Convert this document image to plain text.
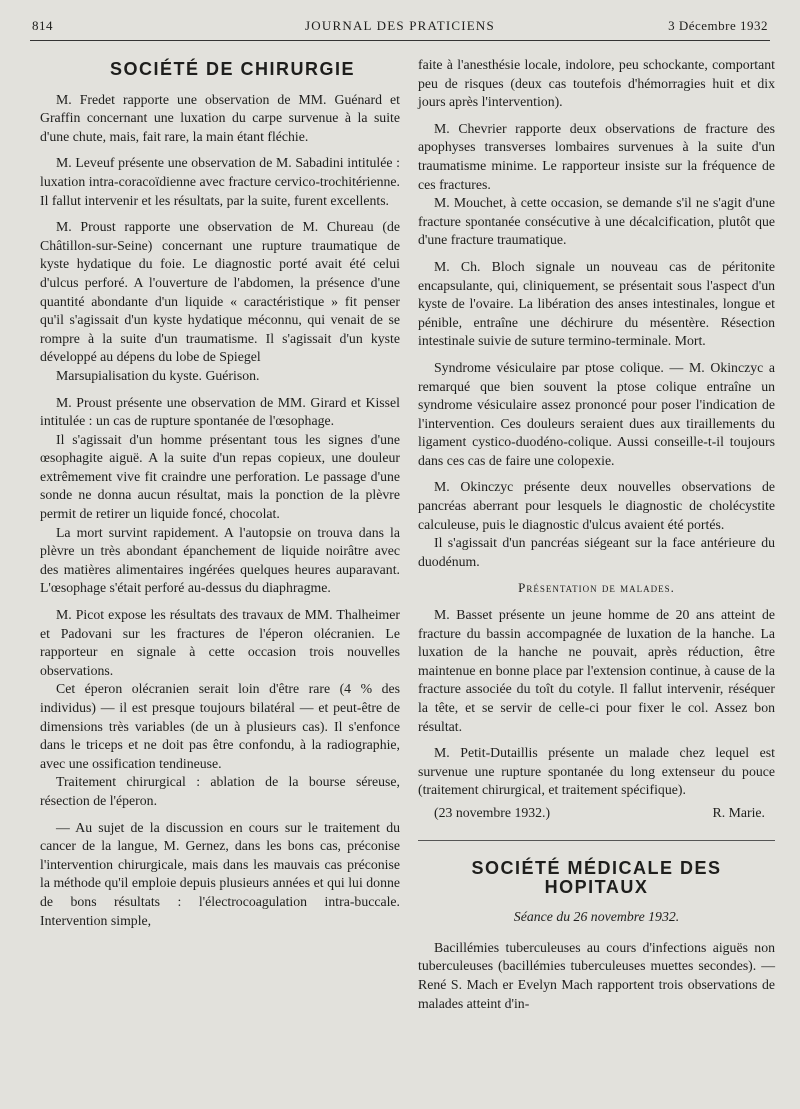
814	JOURNAL DES PRATICIENS	3 Décembre 1932
SOCIÉTÉ DE CHIRURGIE

M. Fredet rapporte une observation de MM. Guénard et Graffin concernant une luxation du carpe survenue à la suite d'une chute, mais, fait rare, la main étant fléchie.

M. Leveuf présente une observation de M. Sabadini intitulée : luxation intra-coracoïdienne avec fracture cervico-trochitérienne. Il fallut intervenir et les résultats, par la suite, furent excellents.

M. Proust rapporte une observation de M. Chureau (de Châtillon-sur-Seine) concernant une rupture traumatique de kyste hydatique du foie. Le diagnostic porté avait été celui d'ulcus perforé. A l'ouverture de l'abdomen, la présence d'une quantité abondante d'un liquide « caractéristique » fit penser qu'il s'agissait d'un kyste hydatique méconnu, qui venait de se rompre à la suite d'un traumatisme. Il s'agissait d'un kyste développé au dépens du lobe de Spiegel

Marsupialisation du kyste. Guérison.

M. Proust présente une observation de MM. Girard et Kissel intitulée : un cas de rupture spontanée de l'œsophage.

Il s'agissait d'un homme présentant tous les signes d'une œsophagite aiguë. A la suite d'un repas copieux, une douleur extrêmement vive fit craindre une perforation. Le passage d'une sonde ne donna aucun résultat, mais la ponction de la plèvre permit de retirer un liquide foncé, chocolat.

La mort survint rapidement. A l'autopsie on trouva dans la plèvre un très abondant épanchement de liquide noirâtre avec des matières alimentaires ingérées quelques heures auparavant. L'œsophage s'était perforé au-dessus du diaphragme.

M. Picot expose les résultats des travaux de MM. Thalheimer et Padovani sur les fractures de l'éperon olécranien. Le rapporteur en signale à cette occasion trois nouvelles observations.

Cet éperon olécranien serait loin d'être rare (4 % des individus) — il est presque toujours bilatéral — et peut-être de dimensions très variables (de un à plusieurs cas). Il s'enfonce dans le triceps et ne doit pas être confondu, à la radiographie, avec une ossification tendineuse.

Traitement chirurgical : ablation de la bourse séreuse, résection de l'éperon.

— Au sujet de la discussion en cours sur le traitement du cancer de la langue, M. Gernez, dans les bons cas, préconise l'intervention chirurgicale, mais dans les mauvais cas préconise la méthode qu'il emploie depuis plusieurs années et qui lui donne de bons résultats : l'électrocoagulation intra-buccale. Intervention simple,

faite à l'anesthésie locale, indolore, peu schockante, comportant peu de risques (deux cas toutefois d'hémorragies huit et dix jours après l'intervention).

M. Chevrier rapporte deux observations de fracture des apophyses transverses lombaires survenues à la suite d'un traumatisme minime. Le rapporteur insiste sur la fréquence de ces fractures.

M. Mouchet, à cette occasion, se demande s'il ne s'agit d'une fracture spontanée consécutive à une décalcification, plutôt que d'une fracture traumatique.

M. Ch. Bloch signale un nouveau cas de péritonite encapsulante, qui, cliniquement, se présentait sous l'aspect d'un kyste de l'ovaire. La libération des anses intestinales, longue et pénible, entraîne une déchirure du mésentère. Résection intestinale suivie de suture termino-terminale. Mort.

Syndrome vésiculaire par ptose colique. — M. Okinczyc a remarqué que bien souvent la ptose colique entraîne un syndrome vésiculaire assez prononcé pour poser l'indication de l'intervention. Ces douleurs seraient dues aux tiraillements du ligament cystico-duodéno-colique. Aussi conseille-t-il toujours dans ces cas de faire une colopexie.

M. Okinczyc présente deux nouvelles observations de pancréas aberrant pour lesquels le diagnostic de cholécystite calculeuse, puis le diagnostic d'ulcus avaient été portés.

Il s'agissait d'un pancréas siégeant sur la face antérieure du duodénum.

Présentation de malades.

M. Basset présente un jeune homme de 20 ans atteint de fracture du bassin accompagnée de luxation de la hanche. La luxation de la hanche ne pouvait, après réduction, être maintenue en bonne place par l'extension continue, à cause de la fracture associée du toît du cotyle. Il fallut intervenir, réséquer la tête, et se servir de celle-ci pour fixer le col. Assez bon résultat.

M. Petit-Dutaillis présente un malade chez lequel est survenue une rupture spontanée du long extenseur du pouce (traitement chirurgical, et traitement spécifique).

(23 novembre 1932.)	R. Marie.
SOCIÉTÉ MÉDICALE DES HOPITAUX
Séance du 26 novembre 1932.

Bacillémies tuberculeuses au cours d'infections aiguës non tuberculeuses (bacillémies tuberculeuses muettes secondes). — René S. Mach er Evelyn Mach rapportent trois observations de malades atteint d'in-
